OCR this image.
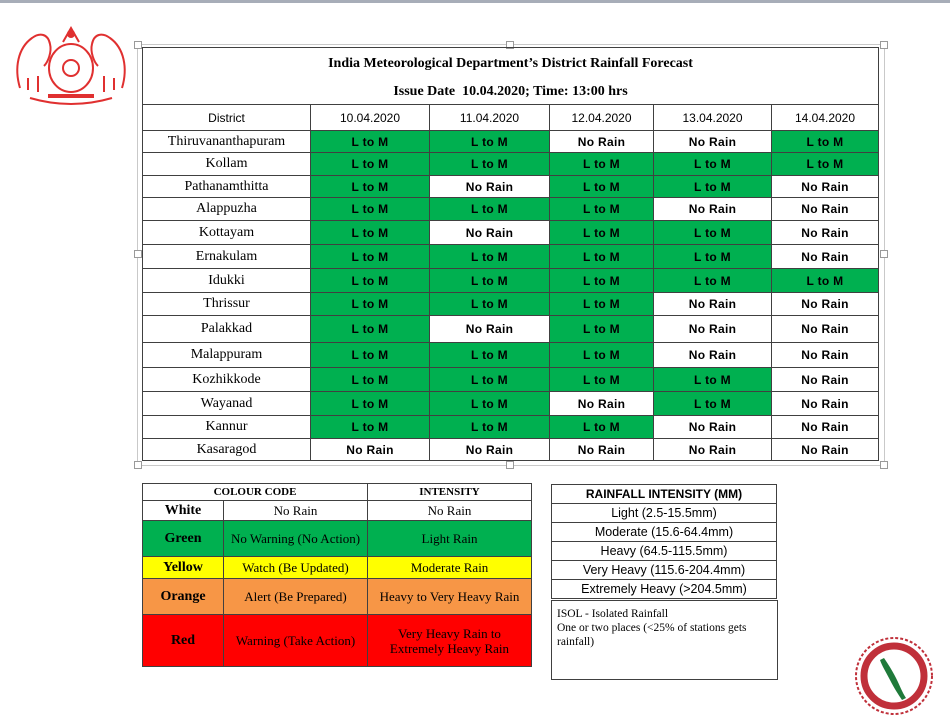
India Meteorological Department’s District Rainfall Forecast					
Issue Date 10.04.2020; Time: 13:00 hrs					
District	10.04.2020	11.04.2020	12.04.2020	13.04.2020	14.04.2020
Thiruvananthapuram	L to M	L to M	No Rain	No Rain	L to M
Kollam	L to M	L to M	L to M	L to M	L to M
Pathanamthitta	L to M	No Rain	L to M	L to M	No Rain
Alappuzha	L to M	L to M	L to M	No Rain	No Rain
Kottayam	L to M	No Rain	L to M	L to M	No Rain
Ernakulam	L to M	L to M	L to M	L to M	No Rain
Idukki	L to M	L to M	L to M	L to M	L to M
Thrissur	L to M	L to M	L to M	No Rain	No Rain
Palakkad	L to M	No Rain	L to M	No Rain	No Rain
Malappuram	L to M	L to M	L to M	No Rain	No Rain
Kozhikkode	L to M	L to M	L to M	L to M	No Rain
Wayanad	L to M	L to M	No Rain	L to M	No Rain
Kannur	L to M	L to M	L to M	No Rain	No Rain
Kasaragod	No Rain	No Rain	No Rain	No Rain	No Rain
COLOUR CODE		INTENSITY
White	No Rain	No Rain
Green	No Warning (No Action)	Light Rain
Yellow	Watch (Be Updated)	Moderate Rain
Orange	Alert (Be Prepared)	Heavy to Very Heavy Rain
Red	Warning (Take Action)	Very Heavy Rain to Extremely Heavy Rain
RAINFALL INTENSITY (MM)
Light (2.5-15.5mm)
Moderate (15.6-64.4mm)
Heavy (64.5-115.5mm)
Very Heavy (115.6-204.4mm)
Extremely Heavy (>204.5mm)
ISOL - Isolated Rainfall
One or two places (<25% of stations gets rainfall)
